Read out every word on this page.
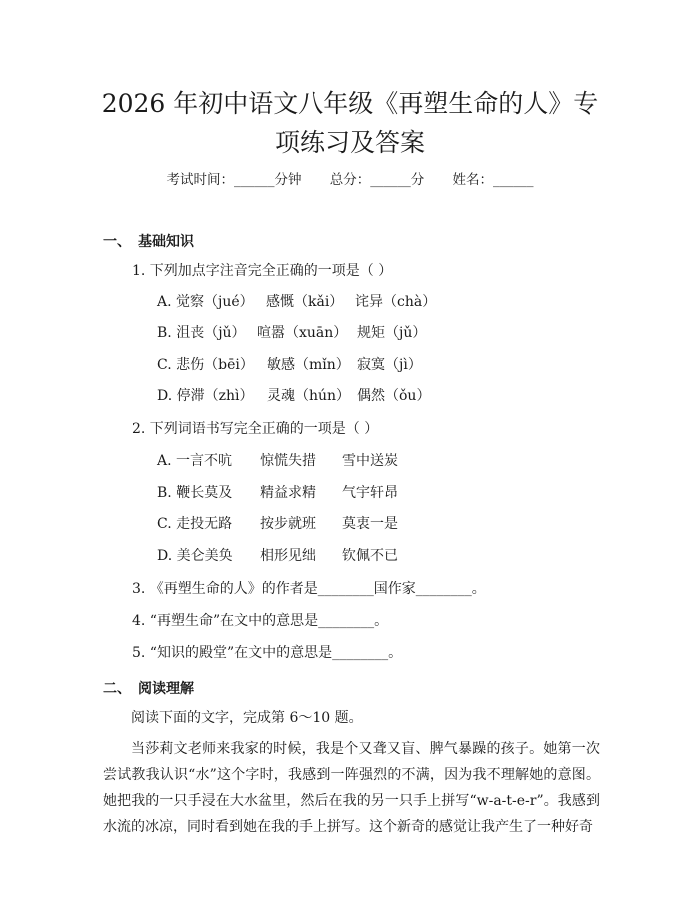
2026 年初中语文八年级《再塑生命的人》专
项练习及答案
考试时间：______分钟 总分：______分 姓名：______
一、 基础知识
1. 下列加点字注音完全正确的一项是（ ）
A. 觉察（jué） 感慨（kǎi） 诧异（chà）
B. 沮丧（jǔ） 喧嚣（xuān） 规矩（jǔ）
C. 悲伤（bēi） 敏感（mǐn） 寂寞（jì）
D. 停滞（zhì） 灵魂（hún） 偶然（ǒu）
2. 下列词语书写完全正确的一项是（ ）
A. 一言不吭 惊慌失措 雪中送炭
B. 鞭长莫及 精益求精 气宇轩昂
C. 走投无路 按步就班 莫衷一是
D. 美仑美奂 相形见绌 钦佩不已
3. 《再塑生命的人》的作者是________国作家________。
4. “再塑生命”在文中的意思是________。
5. “知识的殿堂”在文中的意思是________。
二、 阅读理解
阅读下面的文字，完成第 6～10 题。
当莎莉文老师来我家的时候，我是个又聋又盲、脾气暴躁的孩子。她第一次尝试教我认识“水”这个字时，我感到一阵强烈的不满，因为我不理解她的意图。她把我的一只手浸在大水盆里，然后在我的另一只手上拼写“w-a-t-e-r”。我感到水流的冰凉，同时看到她在我的手上拼写。这个新奇的感觉让我产生了一种好奇
